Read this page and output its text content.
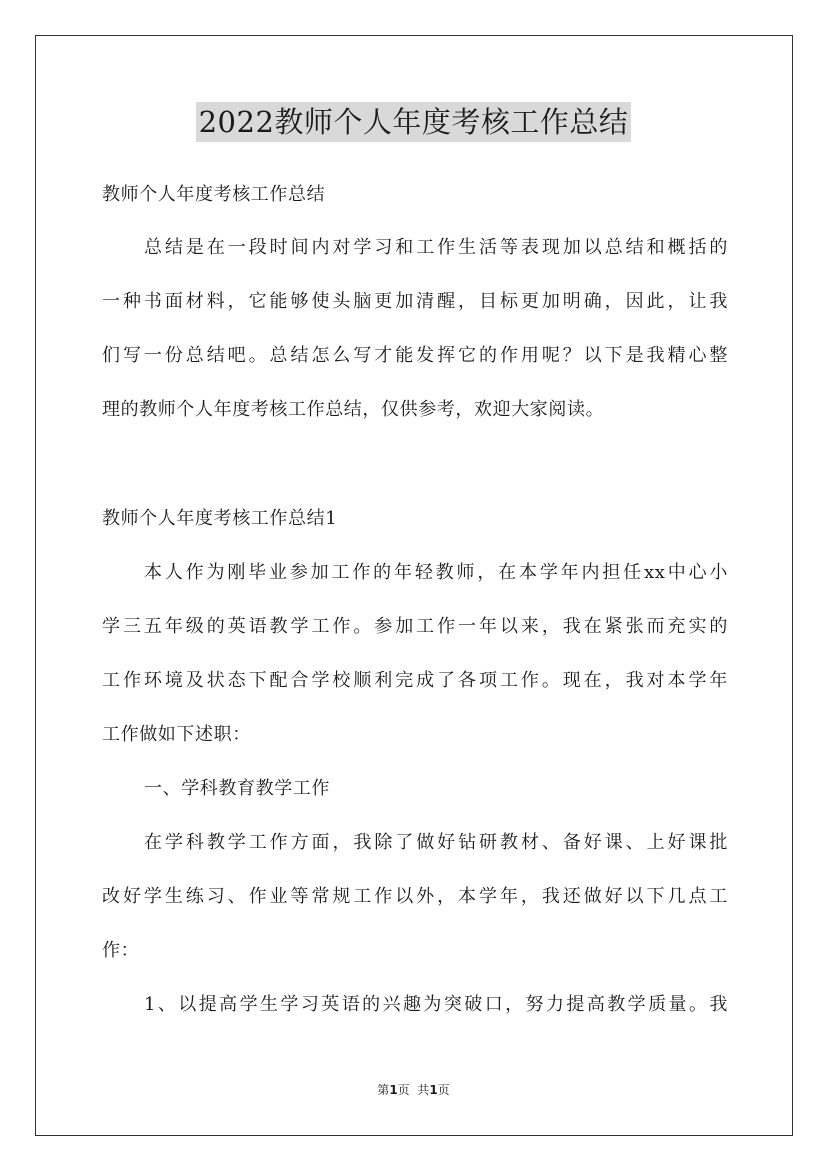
2022教师个人年度考核工作总结
教师个人年度考核工作总结
总结是在一段时间内对学习和工作生活等表现加以总结和概括的
一种书面材料，它能够使头脑更加清醒，目标更加明确，因此，让我
们写一份总结吧。总结怎么写才能发挥它的作用呢？以下是我精心整
理的教师个人年度考核工作总结，仅供参考，欢迎大家阅读。
教师个人年度考核工作总结1
本人作为刚毕业参加工作的年轻教师，在本学年内担任xx中心小
学三五年级的英语教学工作。参加工作一年以来，我在紧张而充实的
工作环境及状态下配合学校顺利完成了各项工作。现在，我对本学年
工作做如下述职：
一、学科教育教学工作
在学科教学工作方面，我除了做好钻研教材、备好课、上好课批
改好学生练习、作业等常规工作以外，本学年，我还做好以下几点工
作：
1、以提高学生学习英语的兴趣为突破口，努力提高教学质量。我
第1页  共1页
